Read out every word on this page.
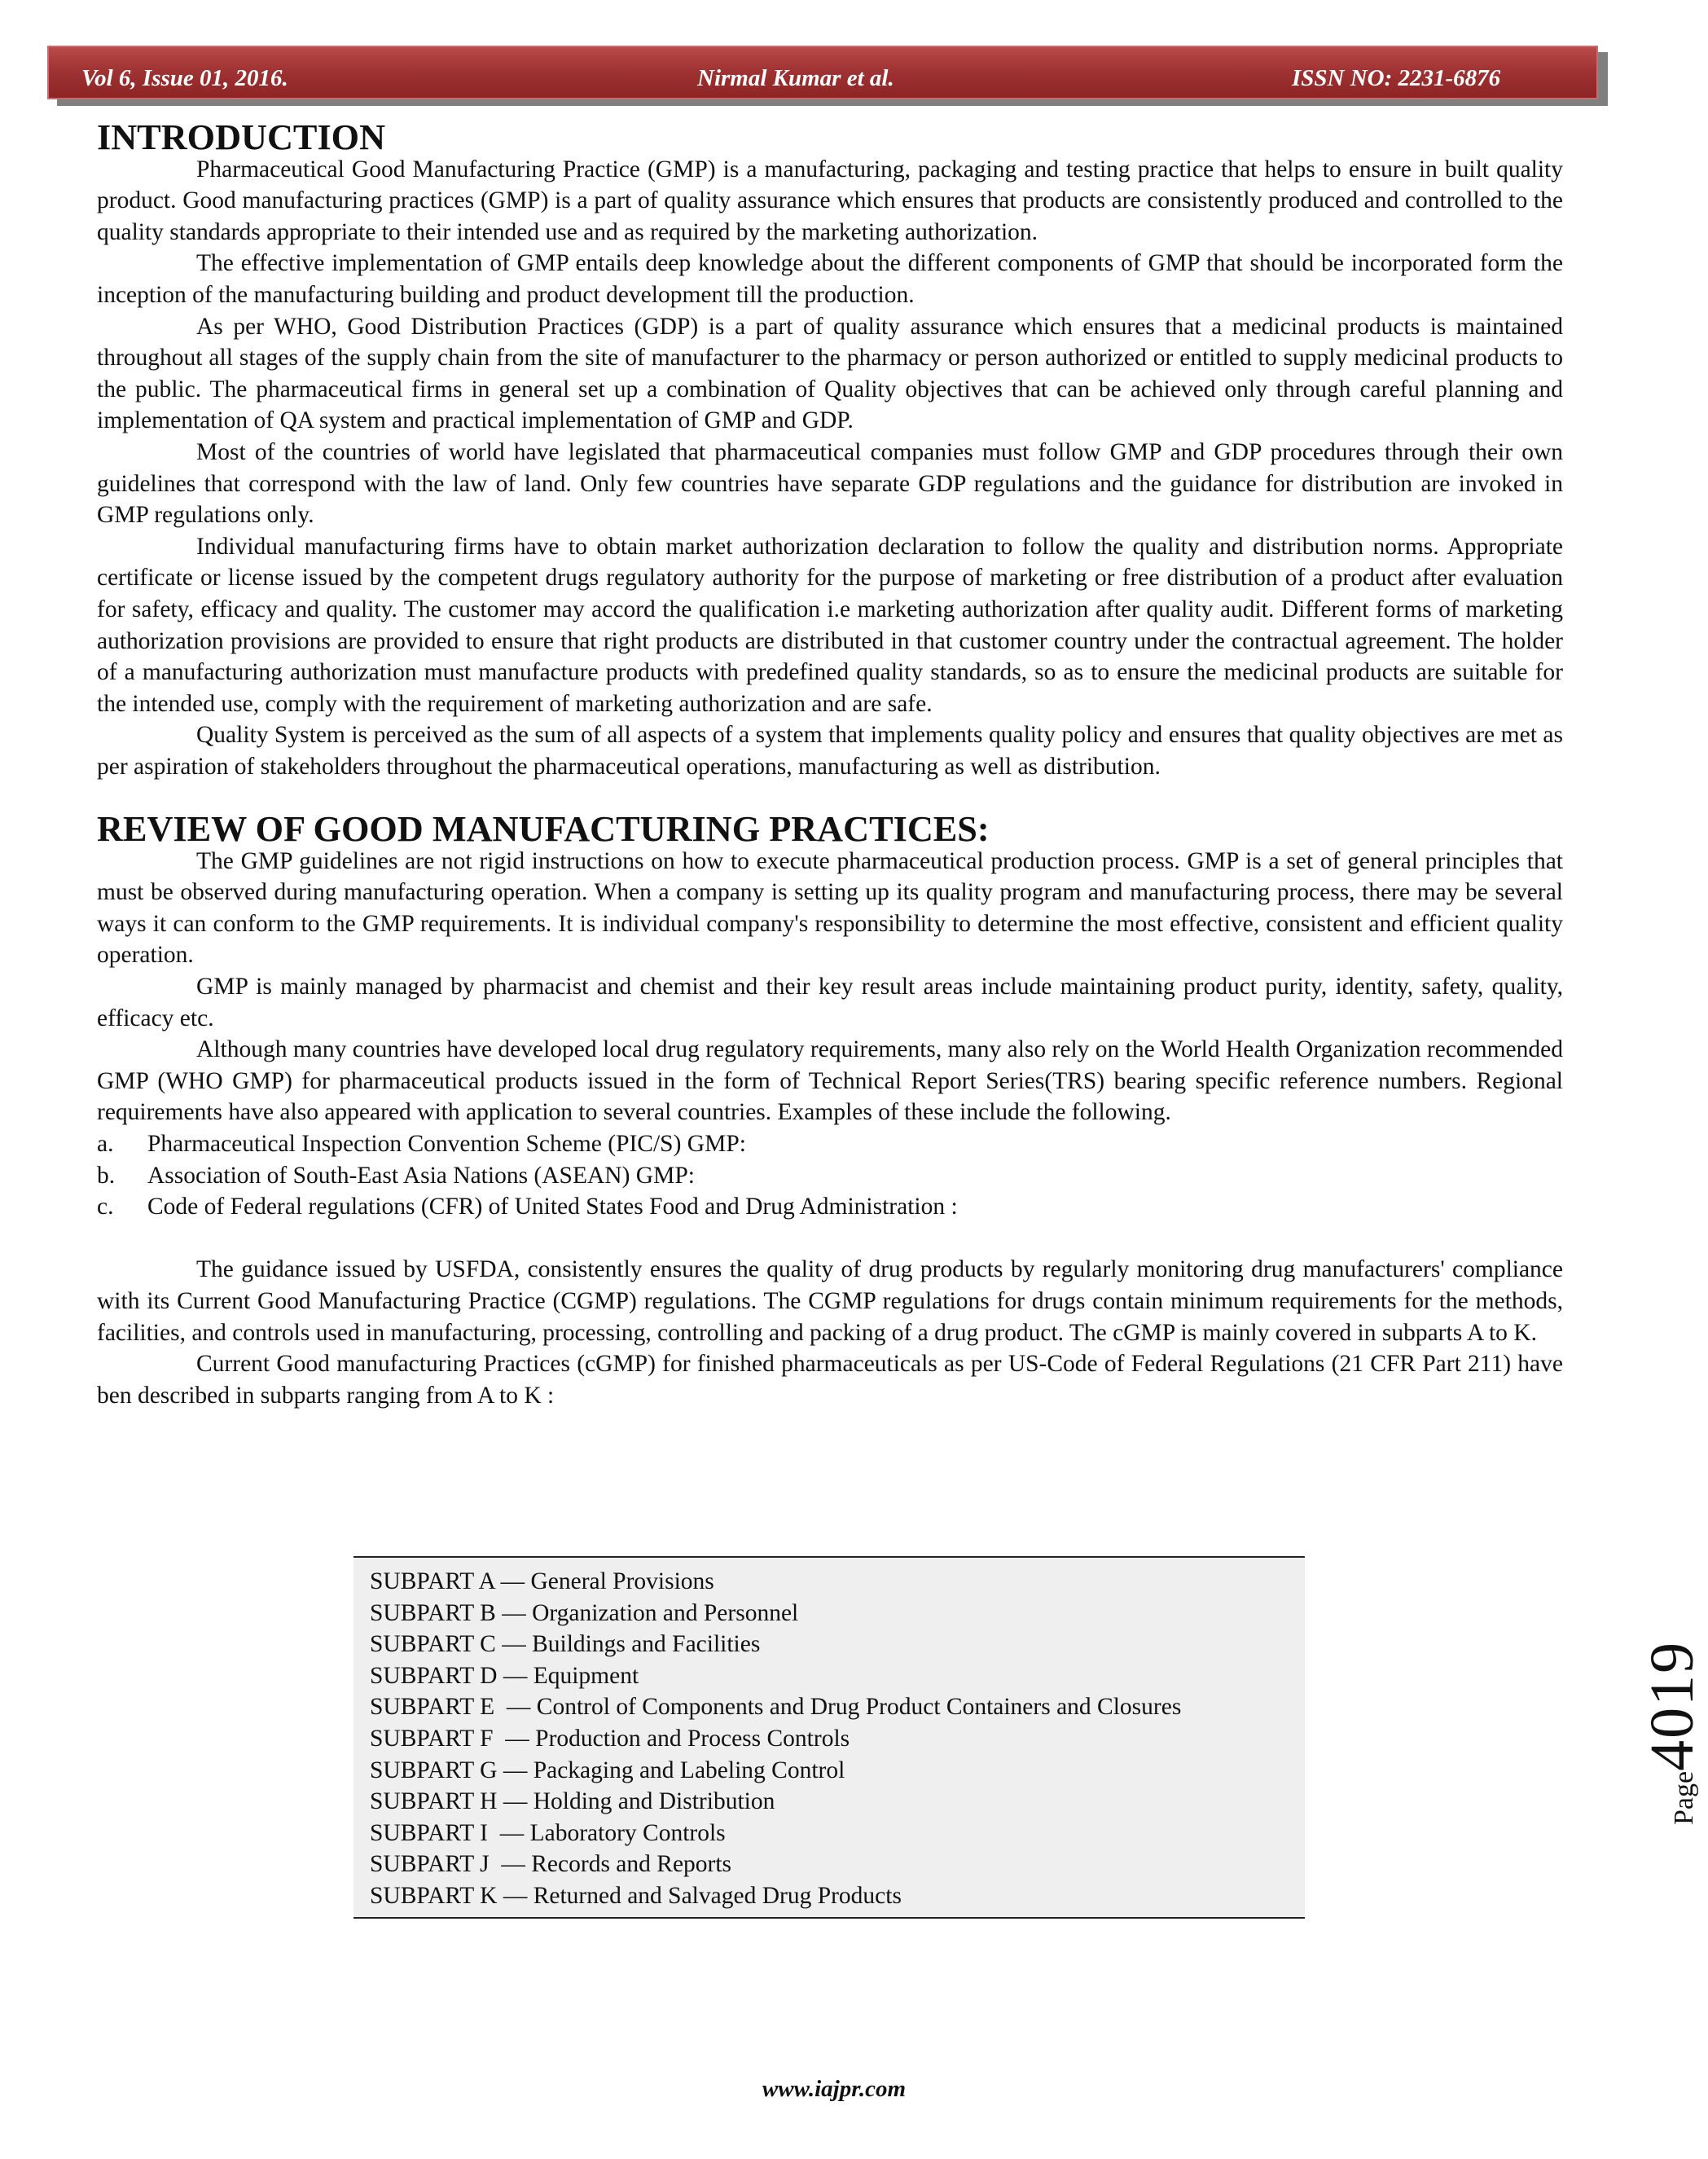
Vol 6, Issue 01, 2016.	Nirmal Kumar et al.	ISSN NO: 2231-6876
INTRODUCTION

Pharmaceutical Good Manufacturing Practice (GMP) is a manufacturing, packaging and testing practice that helps to ensure in built quality product. Good manufacturing practices (GMP) is a part of quality assurance which ensures that products are consistently produced and controlled to the quality standards appropriate to their intended use and as required by the marketing authorization.

The effective implementation of GMP entails deep knowledge about the different components of GMP that should be incorporated form the inception of the manufacturing building and product development till the production.

As per WHO, Good Distribution Practices (GDP) is a part of quality assurance which ensures that a medicinal products is maintained throughout all stages of the supply chain from the site of manufacturer to the pharmacy or person authorized or entitled to supply medicinal products to the public. The pharmaceutical firms in general set up a combination of Quality objectives that can be achieved only through careful planning and implementation of QA system and practical implementation of GMP and GDP.

Most of the countries of world have legislated that pharmaceutical companies must follow GMP and GDP procedures through their own guidelines that correspond with the law of land. Only few countries have separate GDP regulations and the guidance for distribution are invoked in GMP regulations only.

Individual manufacturing firms have to obtain market authorization declaration to follow the quality and distribution norms. Appropriate certificate or license issued by the competent drugs regulatory authority for the purpose of marketing or free distribution of a product after evaluation for safety, efficacy and quality. The customer may accord the qualification i.e marketing authorization after quality audit. Different forms of marketing authorization provisions are provided to ensure that right products are distributed in that customer country under the contractual agreement. The holder of a manufacturing authorization must manufacture products with predefined quality standards, so as to ensure the medicinal products are suitable for the intended use, comply with the requirement of marketing authorization and are safe.

Quality System is perceived as the sum of all aspects of a system that implements quality policy and ensures that quality objectives are met as per aspiration of stakeholders throughout the pharmaceutical operations, manufacturing as well as distribution.

REVIEW OF GOOD MANUFACTURING PRACTICES:

The GMP guidelines are not rigid instructions on how to execute pharmaceutical production process. GMP is a set of general principles that must be observed during manufacturing operation. When a company is setting up its quality program and manufacturing process, there may be several ways it can conform to the GMP requirements. It is individual company's responsibility to determine the most effective, consistent and efficient quality operation.

GMP is mainly managed by pharmacist and chemist and their key result areas include maintaining product purity, identity, safety, quality, efficacy etc.

Although many countries have developed local drug regulatory requirements, many also rely on the World Health Organization recommended GMP (WHO GMP) for pharmaceutical products issued in the form of Technical Report Series(TRS) bearing specific reference numbers. Regional requirements have also appeared with application to several countries. Examples of these include the following.

a. Pharmaceutical Inspection Convention Scheme (PIC/S) GMP:
b. Association of South-East Asia Nations (ASEAN) GMP:
c. Code of Federal regulations (CFR) of United States Food and Drug Administration :

The guidance issued by USFDA, consistently ensures the quality of drug products by regularly monitoring drug manufacturers' compliance with its Current Good Manufacturing Practice (CGMP) regulations. The CGMP regulations for drugs contain minimum requirements for the methods, facilities, and controls used in manufacturing, processing, controlling and packing of a drug product. The cGMP is mainly covered in subparts A to K.

Current Good manufacturing Practices (cGMP) for finished pharmaceuticals as per US-Code of Federal Regulations (21 CFR Part 211) have ben described in subparts ranging from A to K :

SUBPART A — General Provisions
SUBPART B — Organization and Personnel
SUBPART C — Buildings and Facilities
SUBPART D — Equipment
SUBPART E  — Control of Components and Drug Product Containers and Closures
SUBPART F  — Production and Process Controls
SUBPART G — Packaging and Labeling Control
SUBPART H — Holding and Distribution
SUBPART I  — Laboratory Controls
SUBPART J  — Records and Reports
SUBPART K — Returned and Salvaged Drug Products
Page4019
www.iajpr.com
